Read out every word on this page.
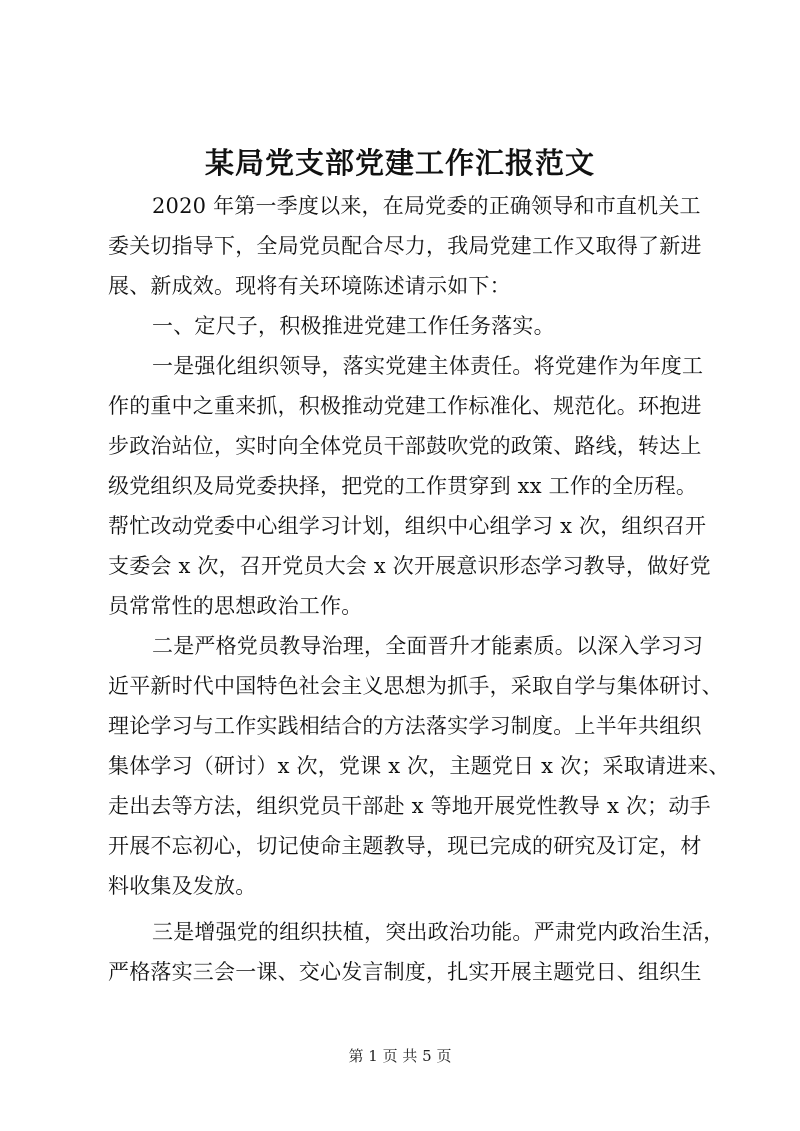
某局党支部党建工作汇报范文
2020 年第一季度以来，在局党委的正确领导和市直机关工
委关切指导下，全局党员配合尽力，我局党建工作又取得了新进
展、新成效。现将有关环境陈述请示如下：
一、定尺子，积极推进党建工作任务落实。
一是强化组织领导，落实党建主体责任。将党建作为年度工
作的重中之重来抓，积极推动党建工作标准化、规范化。环抱进
步政治站位，实时向全体党员干部鼓吹党的政策、路线，转达上
级党组织及局党委抉择，把党的工作贯穿到 xx 工作的全历程。
帮忙改动党委中心组学习计划，组织中心组学习 x 次，组织召开
支委会 x 次，召开党员大会 x 次开展意识形态学习教导，做好党
员常常性的思想政治工作。
二是严格党员教导治理，全面晋升才能素质。以深入学习习
近平新时代中国特色社会主义思想为抓手，采取自学与集体研讨、
理论学习与工作实践相结合的方法落实学习制度。上半年共组织
集体学习（研讨）x 次，党课 x 次，主题党日 x 次；采取请进来、
走出去等方法，组织党员干部赴 x 等地开展党性教导 x 次；动手
开展不忘初心，切记使命主题教导，现已完成的研究及订定，材
料收集及发放。
三是增强党的组织扶植，突出政治功能。严肃党内政治生活，
严格落实三会一课、交心发言制度，扎实开展主题党日、组织生
第 1 页 共 5 页
